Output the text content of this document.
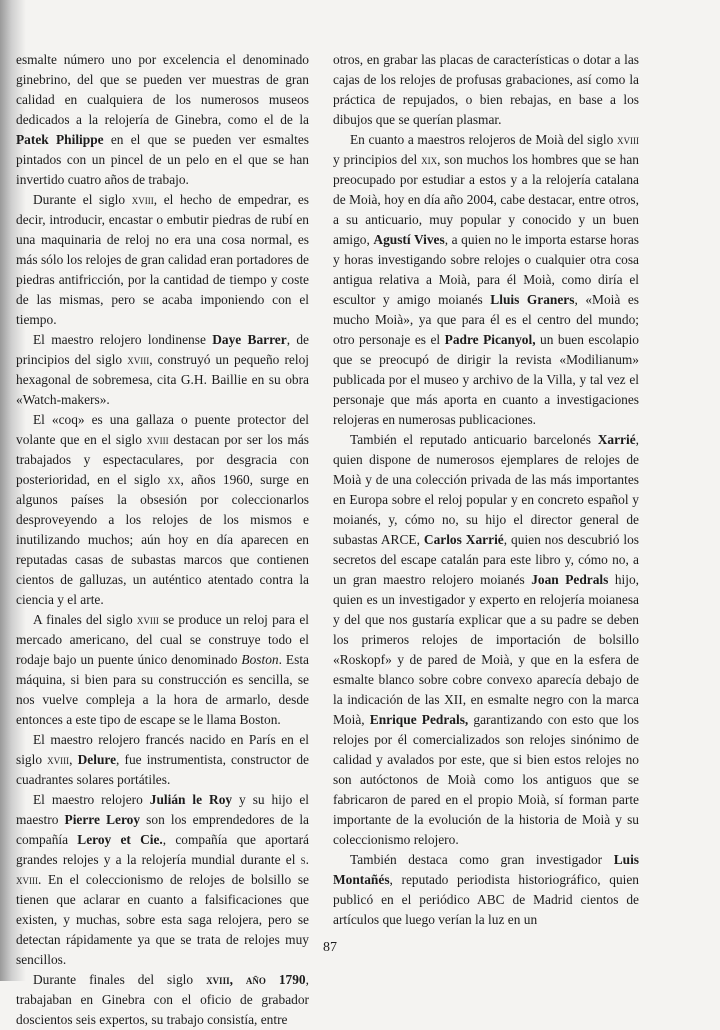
esmalte número uno por excelencia el denominado ginebrino, del que se pueden ver muestras de gran calidad en cualquiera de los numerosos museos dedicados a la relojería de Ginebra, como el de la Patek Philippe en el que se pueden ver esmaltes pintados con un pincel de un pelo en el que se han invertido cuatro años de trabajo.

Durante el siglo xviii, el hecho de empedrar, es decir, introducir, encastar o embutir piedras de rubí en una maquinaria de reloj no era una cosa normal, es más sólo los relojes de gran calidad eran portadores de piedras antifricción, por la cantidad de tiempo y coste de las mismas, pero se acaba imponiendo con el tiempo.

El maestro relojero londinense Daye Barrer, de principios del siglo xviii, construyó un pequeño reloj hexagonal de sobremesa, cita G.H. Baillie en su obra «Watch-makers».

El «coq» es una gallaza o puente protector del volante que en el siglo xviii destacan por ser los más trabajados y espectaculares, por desgracia con posterioridad, en el siglo xx, años 1960, surge en algunos países la obsesión por coleccionarlos desproveyendo a los relojes de los mismos e inutilizando muchos; aún hoy en día aparecen en reputadas casas de subastas marcos que contienen cientos de galluzas, un auténtico atentado contra la ciencia y el arte.

A finales del siglo xviii se produce un reloj para el mercado americano, del cual se construye todo el rodaje bajo un puente único denominado Boston. Esta máquina, si bien para su construcción es sencilla, se nos vuelve compleja a la hora de armarlo, desde entonces a este tipo de escape se le llama Boston.

El maestro relojero francés nacido en París en el siglo xviii, Delure, fue instrumentista, constructor de cuadrantes solares portátiles.

El maestro relojero Julián le Roy y su hijo el maestro Pierre Leroy son los emprendedores de la compañía Leroy et Cie., compañía que aportará grandes relojes y a la relojería mundial durante el s. xviii. En el coleccionismo de relojes de bolsillo se tienen que aclarar en cuanto a falsificaciones que existen, y muchas, sobre esta saga relojera, pero se detectan rápidamente ya que se trata de relojes muy sencillos.

Durante finales del siglo xviii, año 1790, trabajaban en Ginebra con el oficio de grabador doscientos seis expertos, su trabajo consistía, entre

otros, en grabar las placas de características o dotar a las cajas de los relojes de profusas grabaciones, así como la práctica de repujados, o bien rebajas, en base a los dibujos que se querían plasmar.

En cuanto a maestros relojeros de Moià del siglo xviii y principios del xix, son muchos los hombres que se han preocupado por estudiar a estos y a la relojería catalana de Moià, hoy en día año 2004, cabe destacar, entre otros, a su anticuario, muy popular y conocido y un buen amigo, Agustí Vives, a quien no le importa estarse horas y horas investigando sobre relojes o cualquier otra cosa antigua relativa a Moià, para él Moià, como diría el escultor y amigo moianés Lluis Graners, «Moià es mucho Moià», ya que para él es el centro del mundo; otro personaje es el Padre Picanyol, un buen escolapio que se preocupó de dirigir la revista «Modilianum» publicada por el museo y archivo de la Villa, y tal vez el personaje que más aporta en cuanto a investigaciones relojeras en numerosas publicaciones.

También el reputado anticuario barcelonés Xarrié, quien dispone de numerosos ejemplares de relojes de Moià y de una colección privada de las más importantes en Europa sobre el reloj popular y en concreto español y moianés, y, cómo no, su hijo el director general de subastas ARCE, Carlos Xarrié, quien nos descubrió los secretos del escape catalán para este libro y, cómo no, a un gran maestro relojero moianés Joan Pedrals hijo, quien es un investigador y experto en relojería moianesa y del que nos gustaría explicar que a su padre se deben los primeros relojes de importación de bolsillo «Roskopf» y de pared de Moià, y que en la esfera de esmalte blanco sobre cobre convexo aparecía debajo de la indicación de las XII, en esmalte negro con la marca Moià, Enrique Pedrals, garantizando con esto que los relojes por él comercializados son relojes sinónimo de calidad y avalados por este, que si bien estos relojes no son autóctonos de Moià como los antiguos que se fabricaron de pared en el propio Moià, sí forman parte importante de la evolución de la historia de Moià y su coleccionismo relojero.

También destaca como gran investigador Luis Montañés, reputado periodista historiográfico, quien publicó en el periódico ABC de Madrid cientos de artículos que luego verían la luz en un

87
